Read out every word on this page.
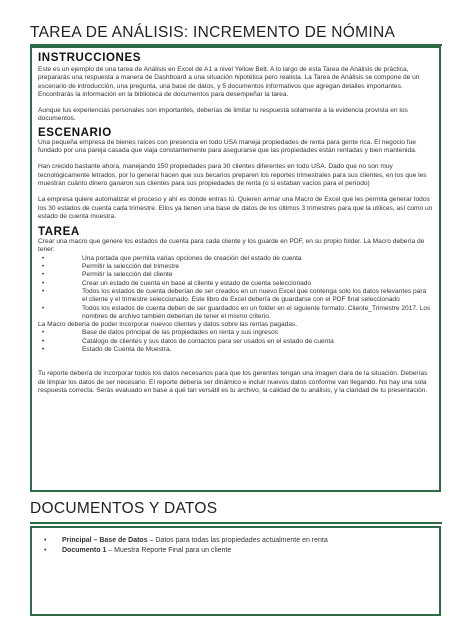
TAREA DE ANÁLISIS: INCREMENTO DE NÓMINA
INSTRUCCIONES

Este es un ejemplo de una tarea de Análisis en Excel de A1 a nivel Yellow Belt. A lo largo de esta Tarea de Análisis de práctica, prepararás una respuesta a manera de Dashboard a una situación hipotética pero realista. La Tarea de Análisis se compone de un escenario de introducción, una pregunta, una base de datos, y 5 documentos informativos que agregan detalles importantes. Encontrarás la información en la biblioteca de documentos para desempeñar la tarea.

Aunque tus experiencias personales son importantes, deberías de limitar tu respuesta solamente a la evidencia provista en los documentos.

ESCENARIO

Una pequeña empresa de bienes raíces con presencia en todo USA maneja propiedades de renta para gente rica. El negocio fue fundado por una pareja casada que viaja constantemente para asegurarse que las propiedades están rentadas y bien mantenida.

Han crecido bastante ahora, manejando 150 propiedades para 30 clientes diferentes en todo USA. Dado que no son muy tecnológicamente letrados, por lo general hacen que sus becarios preparen los reportes trimestrales para sus clientes, en los que les muestran cuánto dinero ganaron sus clientes para sus propiedades de renta (o si estaban vacíos para el período)

La empresa quiere automatizar el proceso y ahí es donde entras tú. Quieren armar una Macro de Excel que les permita generar todos los 30 estados de cuenta cada trimestre. Ellos ya tienen una base de datos de los últimos 3 trimestres para que la utilices, así como un estado de cuenta muestra.

TAREA

Crear una macro que genere los estados de cuenta para cada cliente y los guarde en PDF, en su propio folder. La Macro debería de tener:

•	Una portada que permita varias opciones de creación del estado de cuenta
•	Permitir la selección del trimestre
•	Permitir la selección del cliente
•	Crear un estado de cuenta en base al cliente y estado de cuenta seleccionado
•	Todos los estados de cuenta deberían de ser creados en un nuevo Excel que contenga solo los datos relevantes para el cliente y el trimestre seleccionado. Este libro de Excel debería de guardarse con el PDF final seleccionado
•	Todos los estados de cuenta deben de ser guardados en un folder en el siguiente formato: Cliente_Trimestre 2017. Los nombres de archivo también deberían de tener el mismo criterio.

La Macro debería de poder incorporar nuevos clientes y datos sobre las rentas pagadas.

•	Base de datos principal de las propiedades en renta y sus ingresos
•	Catálogo de clientes y sus datos de contactos para ser usados en el estado de cuenta
•	Estado de Cuenta de Muestra.

Tu reporte debería de incorporar todos los datos necesarios para que los gerentes tengan una imagen clara de la situación. Deberías de limpiar los datos de ser necesario. El reporte debería ser dinámico e incluir nuevos datos conforme van llegando. No hay una sola respuesta correcta. Serás evaluado en base a qué tan versátil es tu archivo, la calidad de tu análisis, y la claridad de tu presentación.

DOCUMENTOS Y DATOS
•	Principal – Base de Datos – Datos para todas las propiedades actualmente en renta
•	Documento 1 – Muestra Reporte Final para un cliente
